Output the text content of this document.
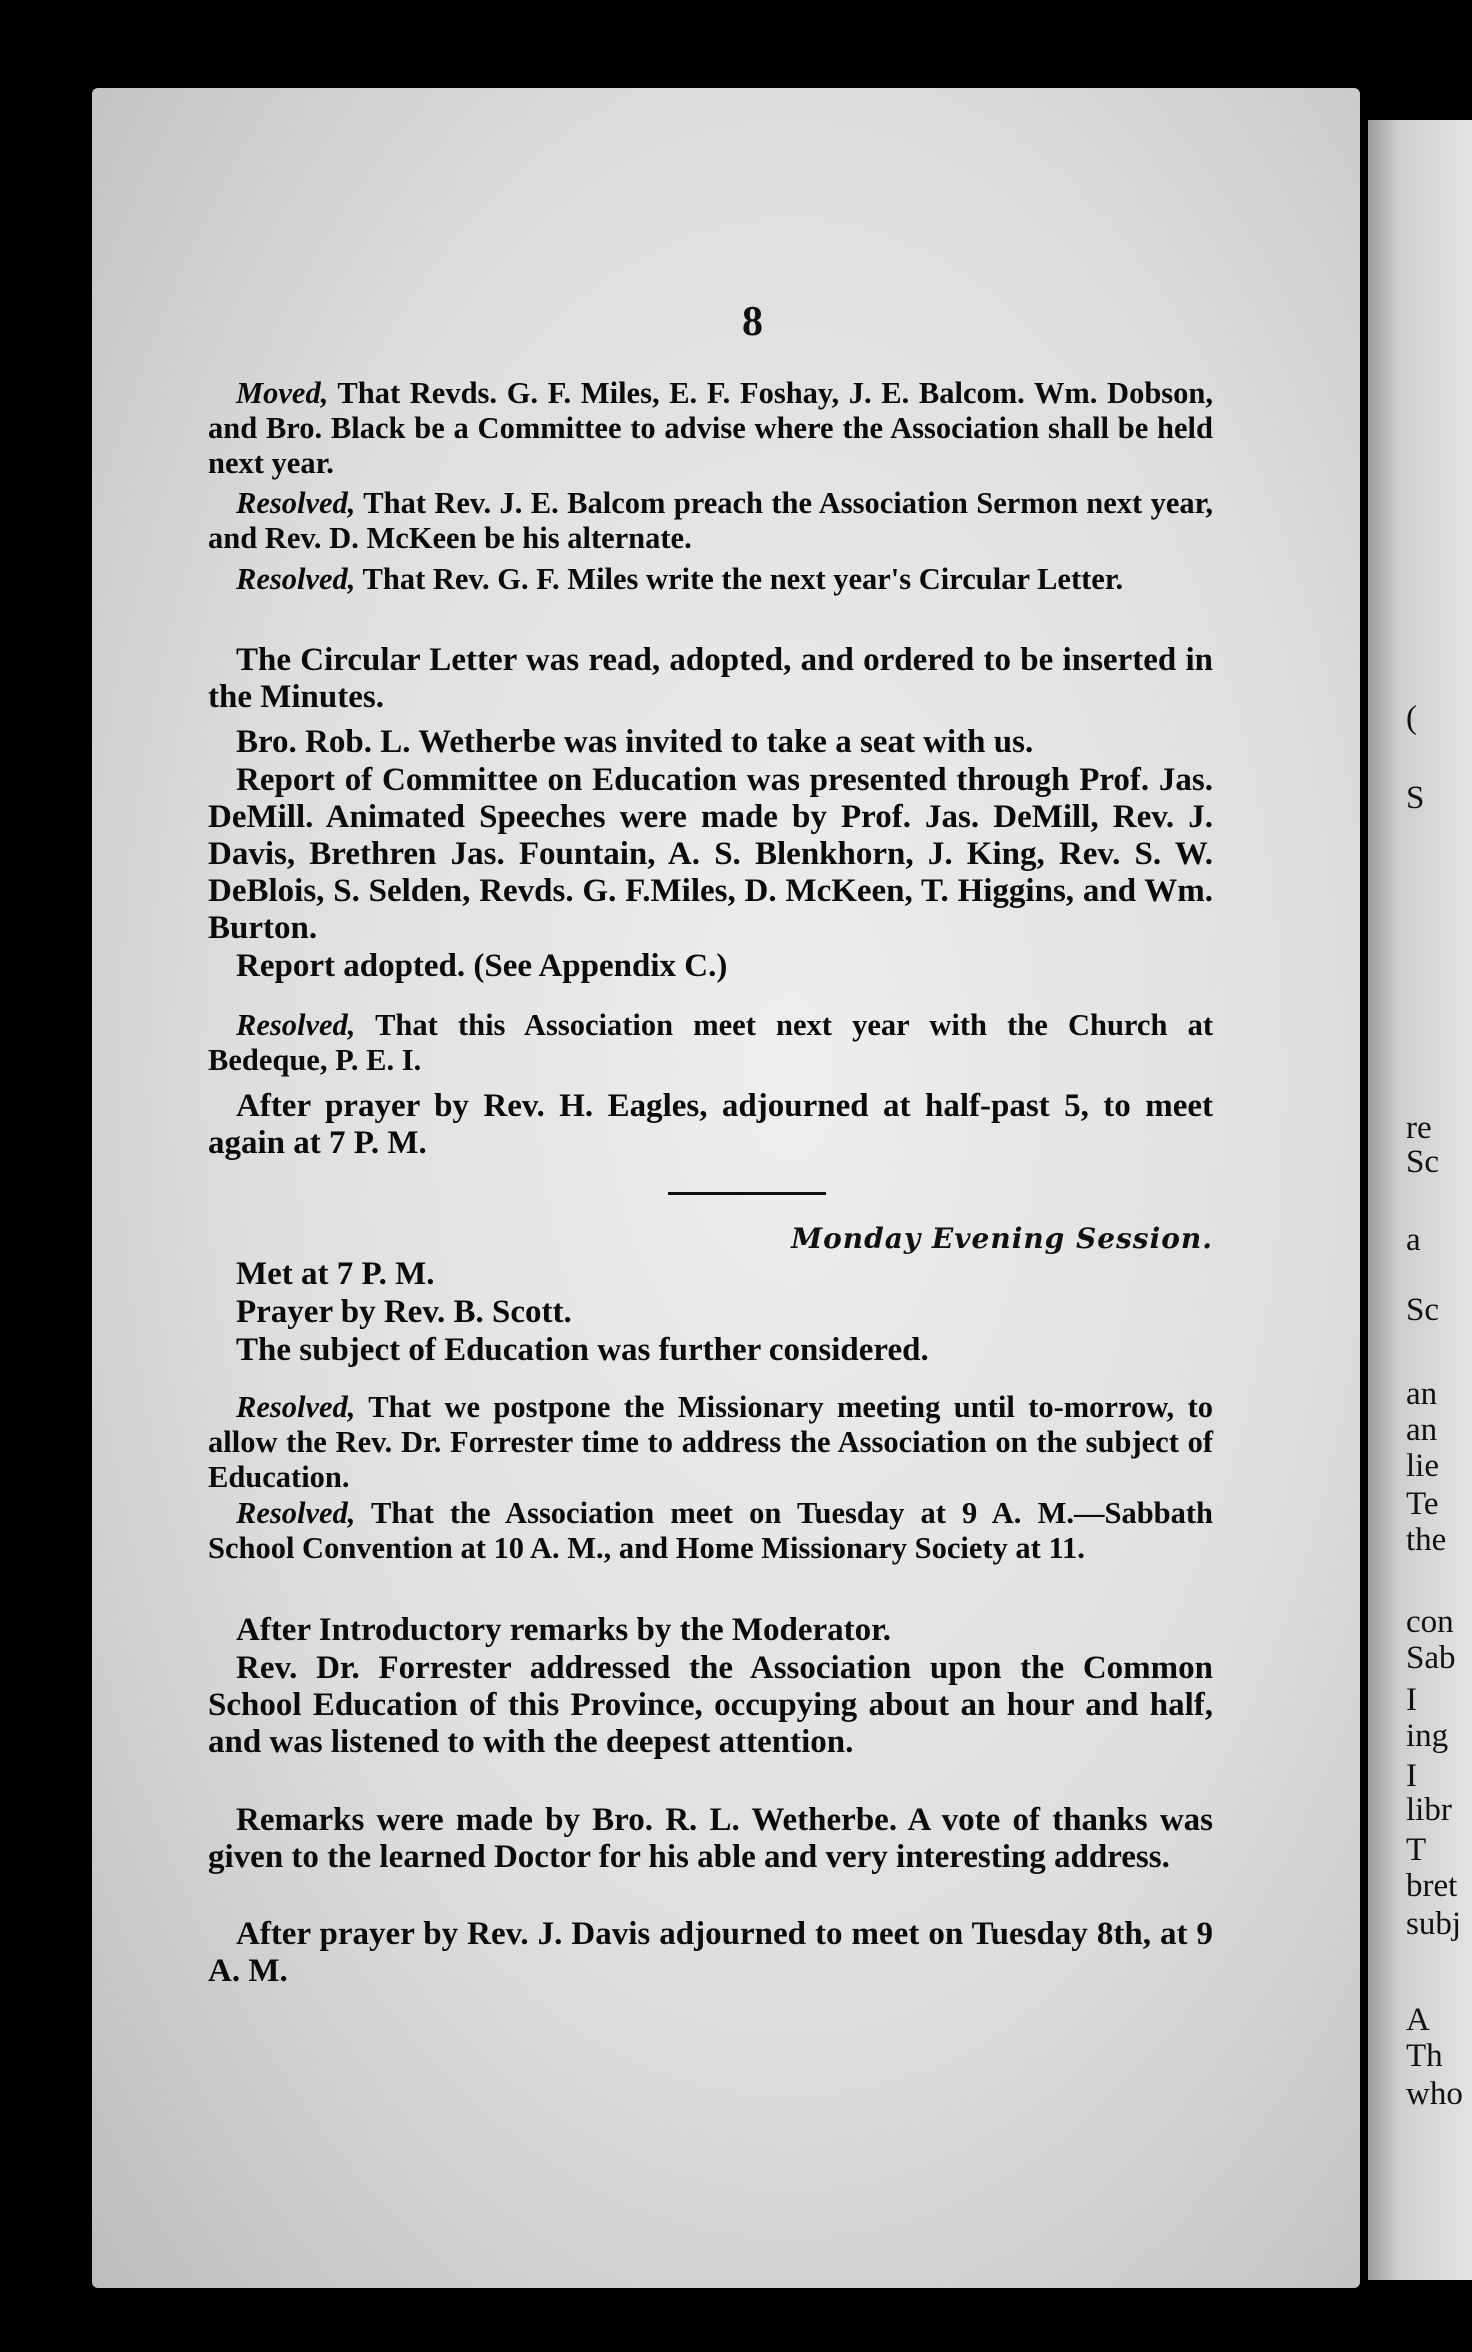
(
S
re
Sc
a
Sc
an
an
lie
Te
the
con
Sab
I
ing
I
libr
T
bret
subj
A
Th
who
8

Moved, That Revds. G. F. Miles, E. F. Foshay, J. E. Balcom. Wm. Dobson, and Bro. Black be a Committee to advise where the Association shall be held next year.

Resolved, That Rev. J. E. Balcom preach the Association Sermon next year, and Rev. D. McKeen be his alternate.

Resolved, That Rev. G. F. Miles write the next year's Circular Letter.

The Circular Letter was read, adopted, and ordered to be inserted in the Minutes.

Bro. Rob. L. Wetherbe was invited to take a seat with us.

Report of Committee on Education was presented through Prof. Jas. DeMill. Animated Speeches were made by Prof. Jas. DeMill, Rev. J. Davis, Brethren Jas. Fountain, A. S. Blenkhorn, J. King, Rev. S. W. DeBlois, S. Selden, Revds. G. F.Miles, D. McKeen, T. Higgins, and Wm. Burton.

Report adopted. (See Appendix C.)

Resolved, That this Association meet next year with the Church at Bedeque, P. E. I.

After prayer by Rev. H. Eagles, adjourned at half-past 5, to meet again at 7 P. M.

Monday Evening Session.
Met at 7 P. M.
Prayer by Rev. B. Scott.
The subject of Education was further considered.

Resolved, That we postpone the Missionary meeting until to-morrow, to allow the Rev. Dr. Forrester time to address the Association on the subject of Education.

Resolved, That the Association meet on Tuesday at 9 A. M.—Sabbath School Convention at 10 A. M., and Home Missionary Society at 11.

After Introductory remarks by the Moderator.

Rev. Dr. Forrester addressed the Association upon the Common School Education of this Province, occupying about an hour and half, and was listened to with the deepest attention.

Remarks were made by Bro. R. L. Wetherbe. A vote of thanks was given to the learned Doctor for his able and very interesting address.

After prayer by Rev. J. Davis adjourned to meet on Tuesday 8th, at 9 A. M.
